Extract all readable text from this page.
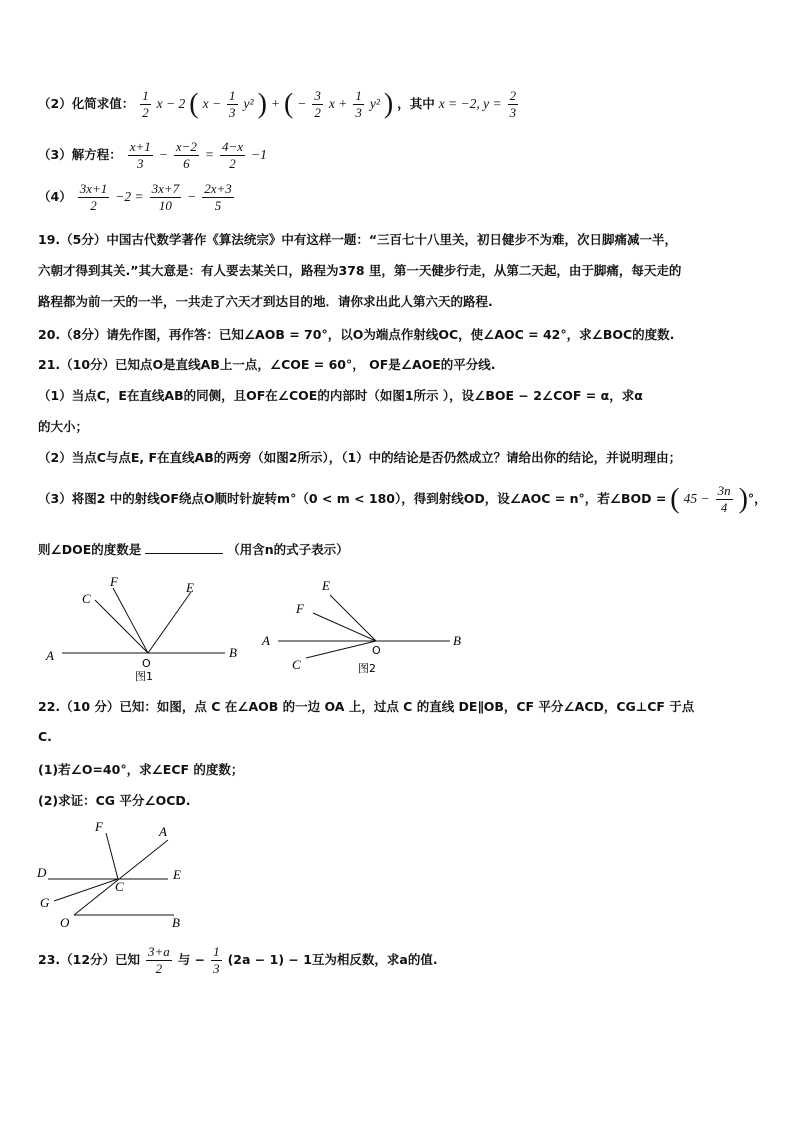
（2）化简求值： $\frac{1}{2}$ x − 2 ( $x - \frac{1}{3} y^2$ ) + ( − $\frac{3}{2}$ $x + \frac{1}{3} y^2$ ) ，其中 x = −2, $y = \frac{2}{3}$
（3）解方程： $\frac{x+1}{3} - \frac{x-2}{6} = \frac{4-x}{2} -1$
$(4) \frac{3x+1}{2} -2 = \frac{3x+7}{10} - \frac{2x+3}{5}$
19.（5分）中国古代数学著作《算法统宗》中有这样一题：“三百七十八里关，初日健步不为难，次日脚痛减一半，
六朝才得到其关.”其大意是：有人要去某关口，路程为378 里，第一天健步行走，从第二天起，由于脚痛，每天走的
路程都为前一天的一半，一共走了六天才到达目的地．请你求出此人第六天的路程.
20.（8分）请先作图，再作答：已知∠AOB = 70°，以O为端点作射线OC，使∠AOC = 42°，求∠BOC的度数.
21.（10分）已知点O是直线AB上一点，∠COE = 60°， OF是∠AOE的平分线.
（1）当点C，E在直线AB的同侧，且OF在∠COE的内部时（如图1所示 ），设∠BOE − 2∠COF = α，求α
的大小；
（2）当点C与点E, F在直线AB的两旁（如图2所示），（1）中的结论是否仍然成立？请给出你的结论，并说明理由；
（3）将图2 中的射线OF绕点O顺时针旋转m°（0 < m < 180），得到射线OD，设∠AOC = n°，若∠BOD = ( $45 - \frac{3n}{4}$ )°，
则∠DOE的度数是	（用含n的式子表示）
A	B
O
C
F	E
图1
A	B
O
E
F
C	图2
22.（10 分）已知：如图，点 C 在∠AOB 的一边 OA 上，过点 C 的直线 DE∥OB，CF 平分∠ACD，CG⊥CF 于点
C.
(1)若∠O=40°，求∠ECF 的度数；
(2)求证：CG 平分∠OCD.
F	A
D	E
C
G
O	B
23.（12分）已知 $\frac{3+a}{2}$ 与 − $\frac{1}{3} (2a - 1) - 1$互为相反数，求a的值.
